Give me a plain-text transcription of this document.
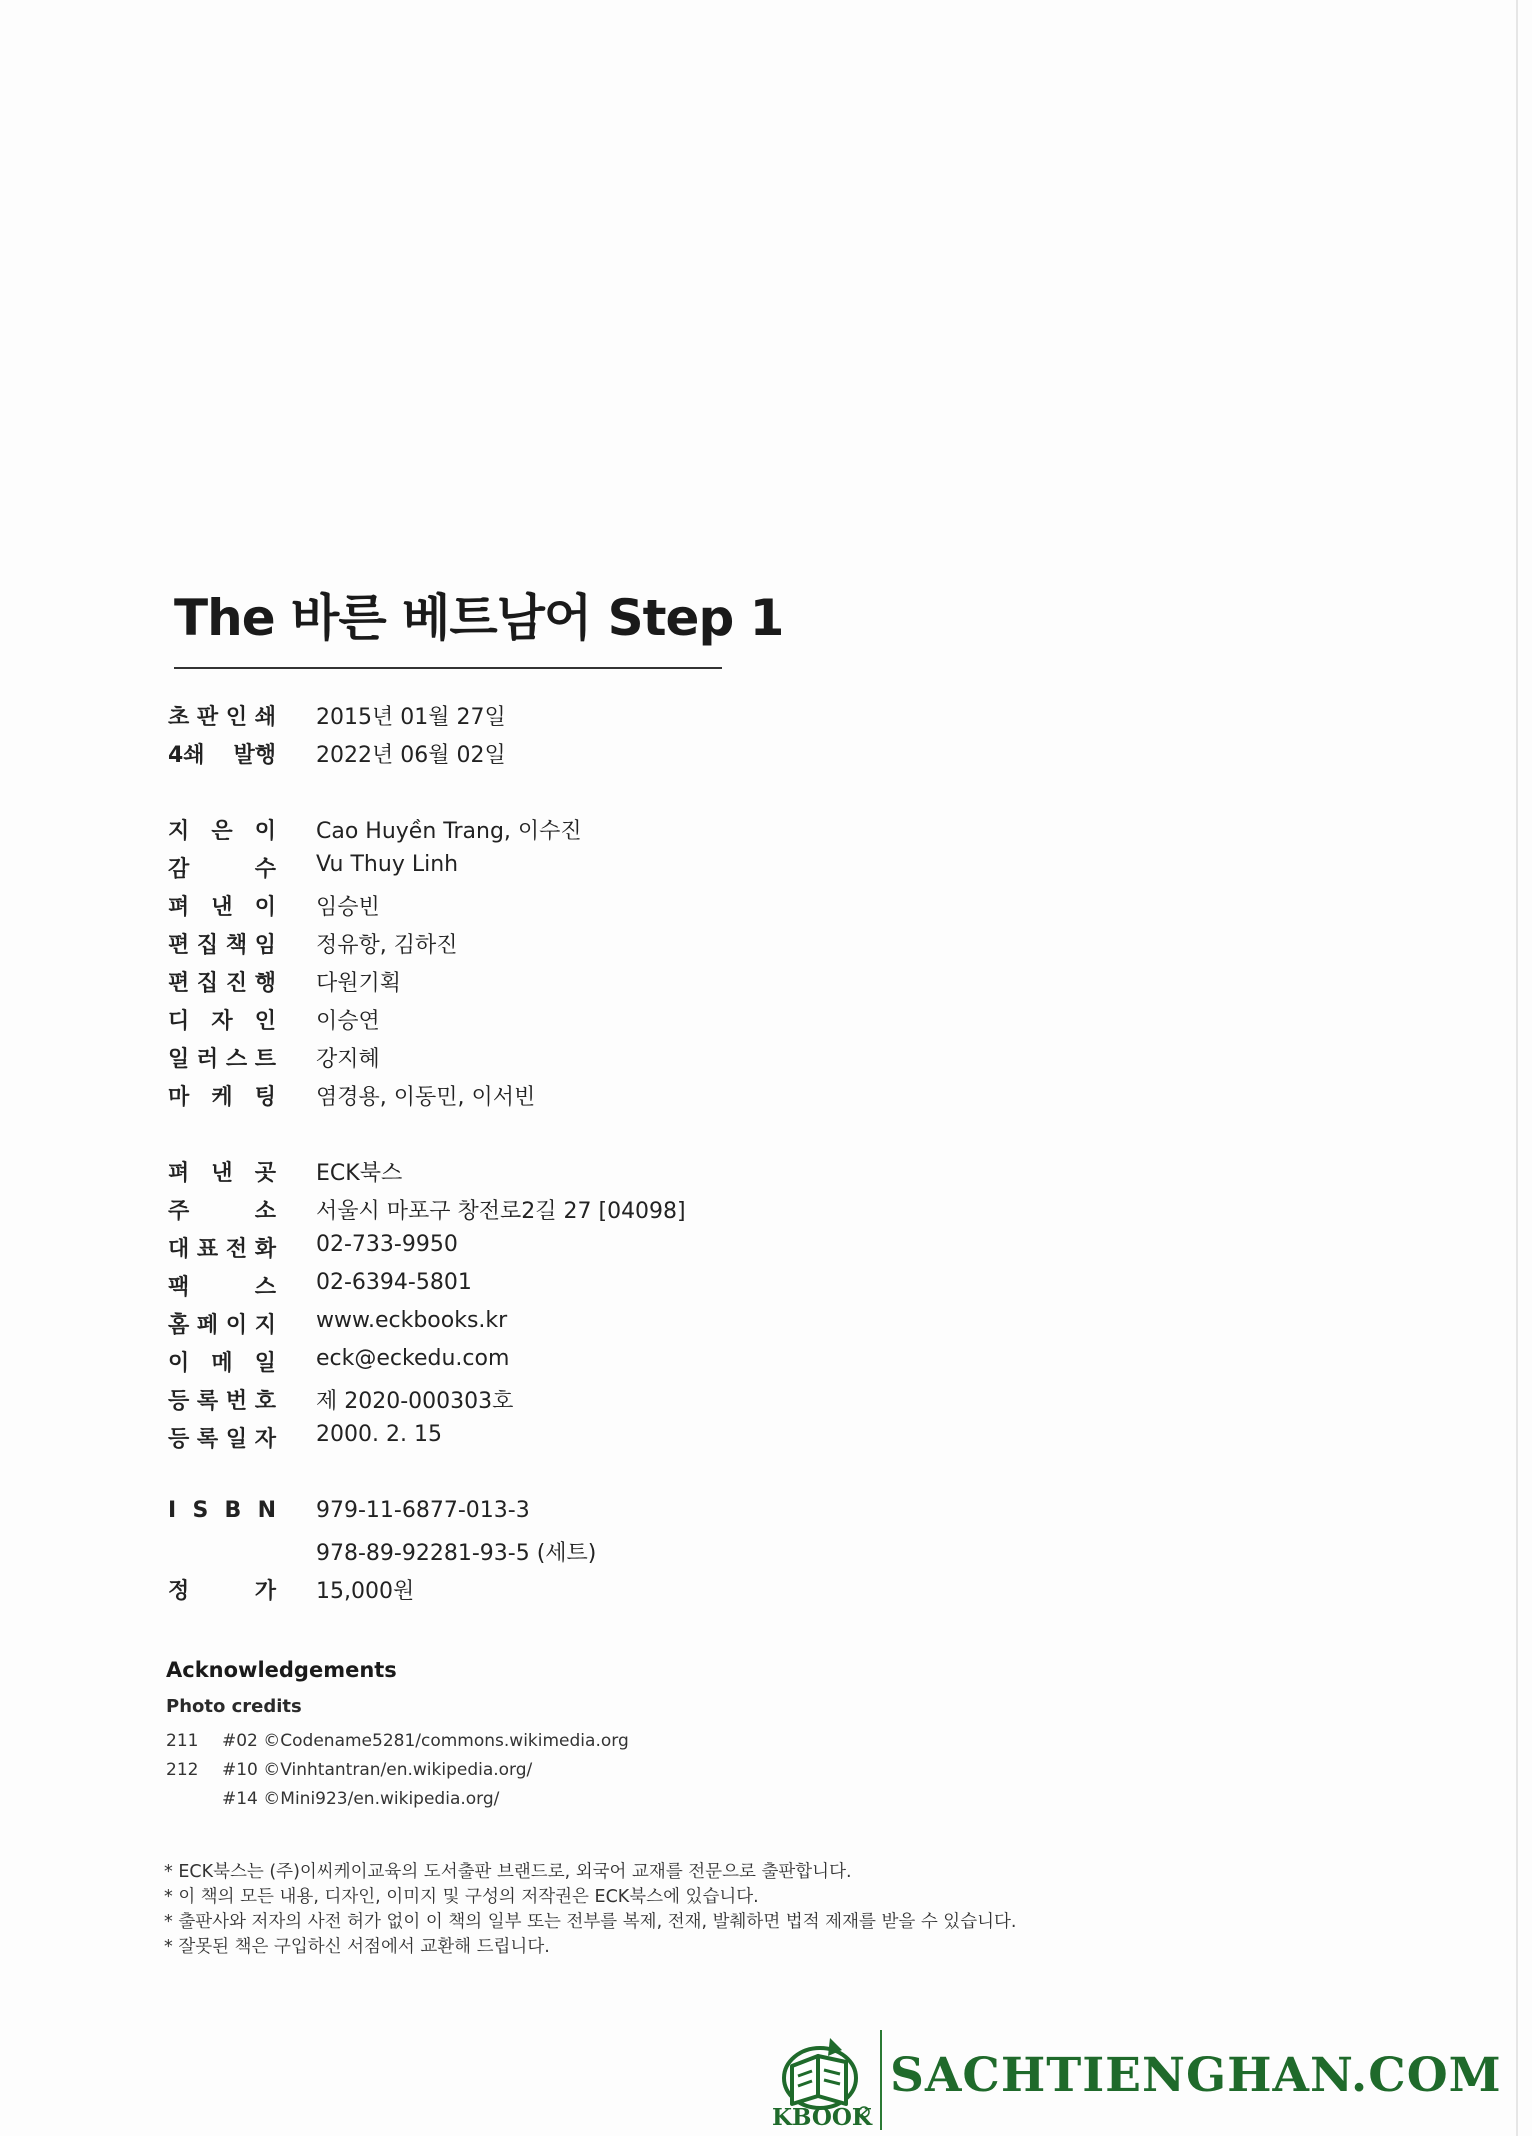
The 바른 베트남어 Step 1
초 판 인 쇄 2015년 01월 27일
4쇄 발행 2022년 06월 02일
지 은 이 Cao Huyền Trang, 이수진
감	수 Vu Thuy Linh
펴 낸 이 임승빈
편 집 책 임 정유항, 김하진
편 집 진 행 다원기획
디 자 인 이승연
일 러 스 트 강지혜
마 케 팅 염경용, 이동민, 이서빈
펴 낸 곳 ECK북스
주	소 서울시 마포구 창전로2길 27 [04098]
대 표 전 화 02-733-9950
팩	스 02-6394-5801
홈 페 이 지 www.eckbooks.kr
이 메 일 eck@eckedu.com
등 록 번 호 제 2020-000303호
등 록 일 자 2000. 2. 15
I S B N 979-11-6877-013-3
978-89-92281-93-5 (세트)
정	가 15,000원
Acknowledgements
Photo credits
211 #02 ©Codename5281/commons.wikimedia.org
212 #10 ©Vinhtantran/en.wikipedia.org/
#14 ©Mini923/en.wikipedia.org/
* ECK북스는 (주)이씨케이교육의 도서출판 브랜드로, 외국어 교재를 전문으로 출판합니다.
* 이 책의 모든 내용, 디자인, 이미지 및 구성의 저작권은 ECK북스에 있습니다.
* 출판사와 저자의 사전 허가 없이 이 책의 일부 또는 전부를 복제, 전재, 발췌하면 법적 제재를 받을 수 있습니다.
* 잘못된 책은 구입하신 서점에서 교환해 드립니다.
KBOOK
SACHTIENGHAN.COM
